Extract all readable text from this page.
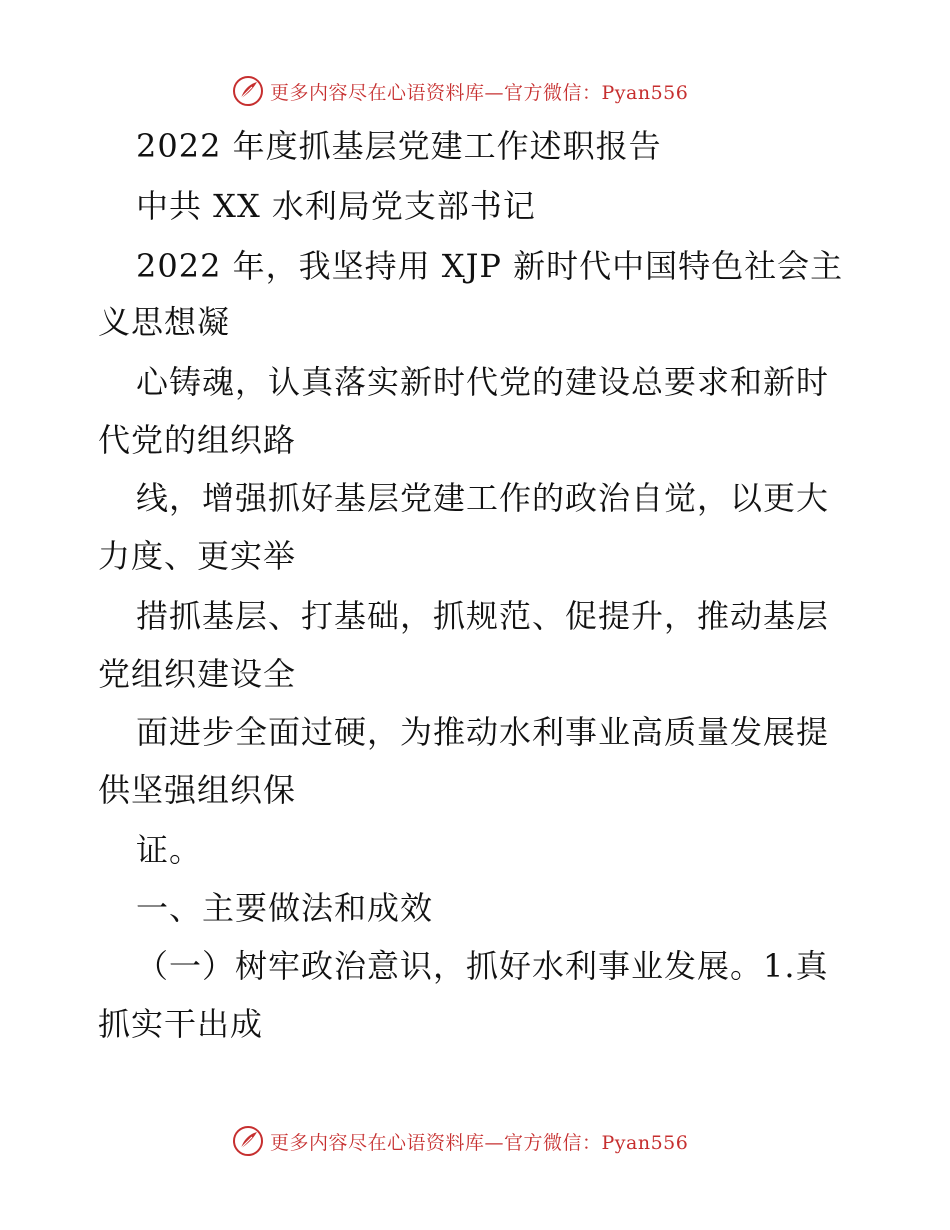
更多内容尽在心语资料库—官方微信：Pyan556
2022 年度抓基层党建工作述职报告
中共 XX 水利局党支部书记
2022 年，我坚持用 XJP 新时代中国特色社会主
义思想凝
心铸魂，认真落实新时代党的建设总要求和新时
代党的组织路
线，增强抓好基层党建工作的政治自觉，以更大
力度、更实举
措抓基层、打基础，抓规范、促提升，推动基层
党组织建设全
面进步全面过硬，为推动水利事业高质量发展提
供坚强组织保
证。
一、主要做法和成效
（一）树牢政治意识，抓好水利事业发展。1.真
抓实干出成
更多内容尽在心语资料库—官方微信：Pyan556
